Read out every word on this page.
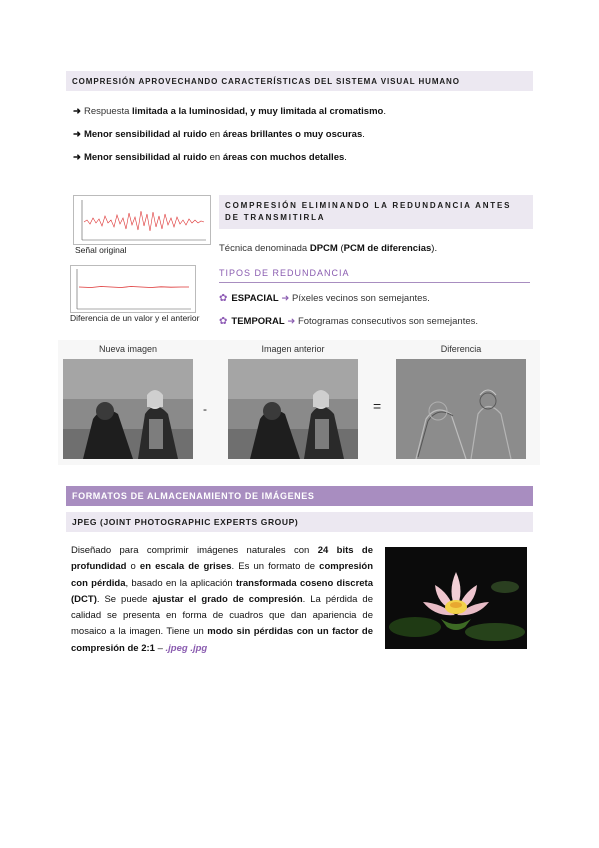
COMPRESIÓN APROVECHANDO CARACTERÍSTICAS DEL SISTEMA VISUAL HUMANO
➜ Respuesta limitada a la luminosidad, y muy limitada al cromatismo.
➜ Menor sensibilidad al ruido en áreas brillantes o muy oscuras.
➜ Menor sensibilidad al ruido en áreas con muchos detalles.
Señal original
Diferencia de un valor y el anterior
COMPRESIÓN ELIMINANDO LA REDUNDANCIA ANTES DE TRANSMITIRLA
Técnica denominada DPCM (PCM de diferencias).
TIPOS DE REDUNDANCIA
✿ ESPACIAL ➜ Píxeles vecinos son semejantes.
✿ TEMPORAL ➜ Fotogramas consecutivos son semejantes.
Nueva imagen	Imagen anterior	Diferencia
-	=
FORMATOS DE ALMACENAMIENTO DE IMÁGENES
JPEG (JOINT PHOTOGRAPHIC EXPERTS GROUP)
Diseñado para comprimir imágenes naturales con 24 bits de profundidad o en escala de grises. Es un formato de compresión con pérdida, basado en la aplicación transformada coseno discreta (DCT). Se puede ajustar el grado de compresión. La pérdida de calidad se presenta en forma de cuadros que dan apariencia de mosaico a la imagen. Tiene un modo sin pérdidas con un factor de compresión de 2:1 – .jpeg .jpg
